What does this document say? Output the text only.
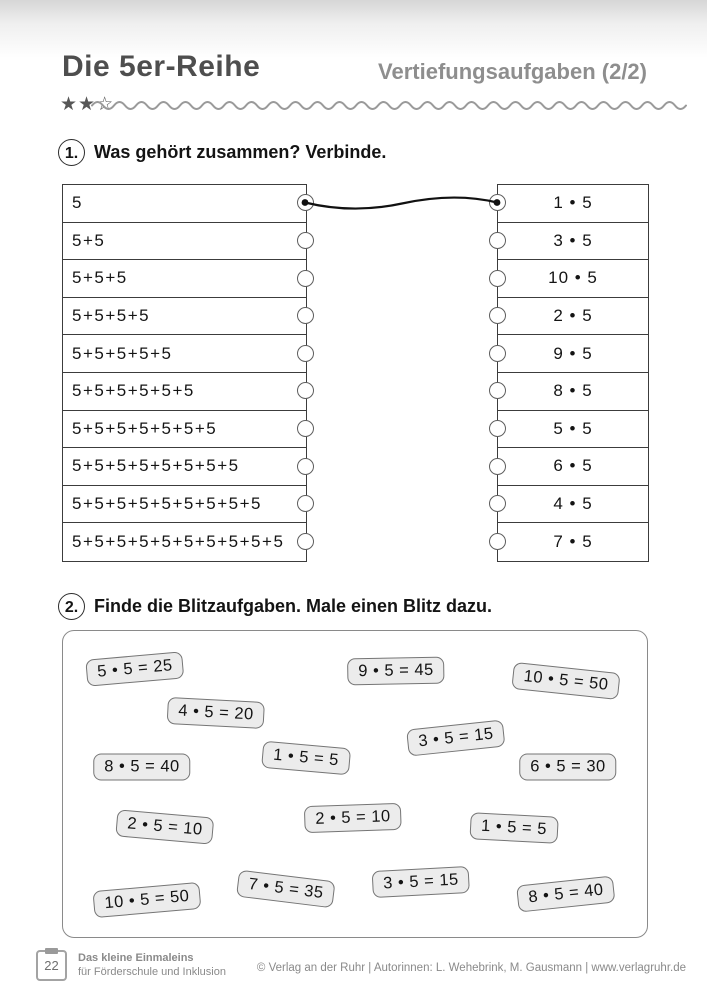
Die 5er-Reihe	Vertiefungsaufgaben (2/2)
★★☆
1. Was gehört zusammen? Verbinde.
5
5+5
5+5+5
5+5+5+5
5+5+5+5+5
5+5+5+5+5+5
5+5+5+5+5+5+5
5+5+5+5+5+5+5+5
5+5+5+5+5+5+5+5+5
5+5+5+5+5+5+5+5+5+5
1 • 5
3 • 5
10 • 5
2 • 5
9 • 5
8 • 5
5 • 5
6 • 5
4 • 5
7 • 5
2. Finde die Blitzaufgaben. Male einen Blitz dazu.
5 • 5 = 25	9 • 5 = 45	10 • 5 = 50
4 • 5 = 20
3 • 5 = 15
8 • 5 = 40	1 • 5 = 5	6 • 5 = 30
2 • 5 = 10	2 • 5 = 10	1 • 5 = 5
10 • 5 = 50	7 • 5 = 35	3 • 5 = 15	8 • 5 = 40
22	Das kleine Einmaleins
für Förderschule und Inklusion	© Verlag an der Ruhr | Autorinnen: L. Wehebrink, M. Gausmann | www.verlagruhr.de
